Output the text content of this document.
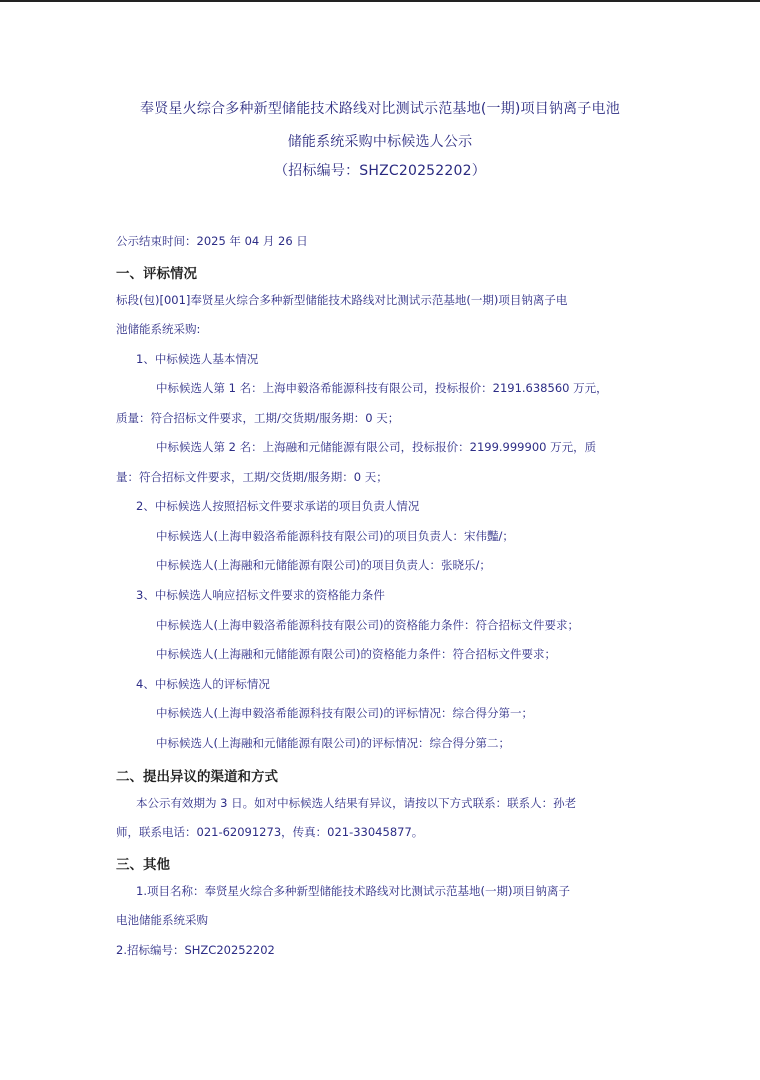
奉贤星火综合多种新型储能技术路线对比测试示范基地(一期)项目钠离子电池
储能系统采购中标候选人公示
（招标编号：SHZC20252202）
公示结束时间：2025 年 04 月 26 日
一、评标情况
标段(包)[001]奉贤星火综合多种新型储能技术路线对比测试示范基地(一期)项目钠离子电
池储能系统采购:
1、中标候选人基本情况
中标候选人第 1 名：上海申毅洛希能源科技有限公司，投标报价：2191.638560 万元，
质量：符合招标文件要求，工期/交货期/服务期：0 天；
中标候选人第 2 名：上海融和元储能源有限公司，投标报价：2199.999900 万元，质
量：符合招标文件要求，工期/交货期/服务期：0 天；
2、中标候选人按照招标文件要求承诺的项目负责人情况
中标候选人(上海申毅洛希能源科技有限公司)的项目负责人：宋伟豔/；
中标候选人(上海融和元储能源有限公司)的项目负责人：张晓乐/；
3、中标候选人响应招标文件要求的资格能力条件
中标候选人(上海申毅洛希能源科技有限公司)的资格能力条件：符合招标文件要求；
中标候选人(上海融和元储能源有限公司)的资格能力条件：符合招标文件要求；
4、中标候选人的评标情况
中标候选人(上海申毅洛希能源科技有限公司)的评标情况：综合得分第一；
中标候选人(上海融和元储能源有限公司)的评标情况：综合得分第二；
二、提出异议的渠道和方式
本公示有效期为 3 日。如对中标候选人结果有异议，请按以下方式联系：联系人：孙老
师，联系电话：021-62091273，传真：021-33045877。
三、其他
1.项目名称：奉贤星火综合多种新型储能技术路线对比测试示范基地(一期)项目钠离子
电池储能系统采购
2.招标编号：SHZC20252202
